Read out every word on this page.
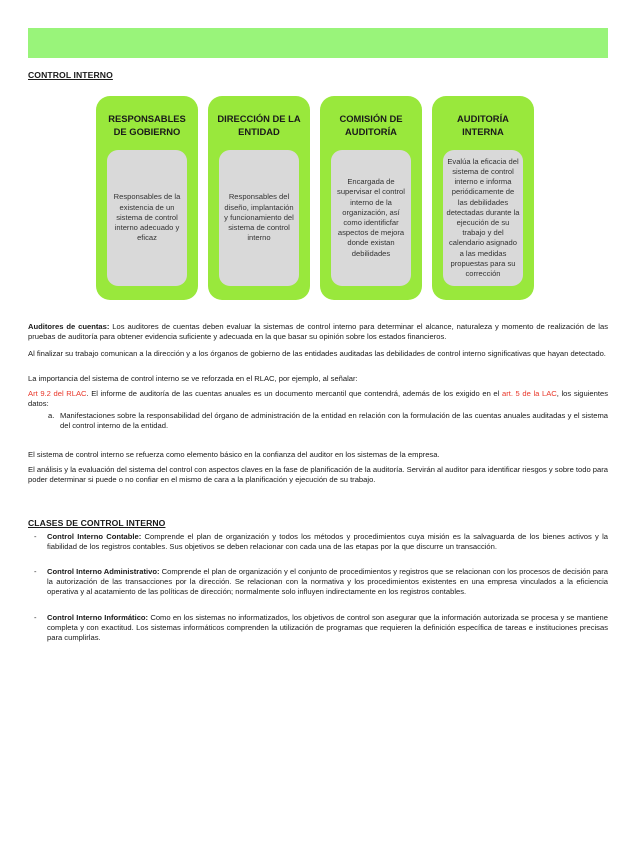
CONTROL INTERNO
RESPONSABLES DE GOBIERNO
Responsables de la existencia de un sistema de control interno adecuado y eficaz
DIRECCIÓN DE LA ENTIDAD
Responsables del diseño, implantación y funcionamiento del sistema de control interno
COMISIÓN DE AUDITORÍA
Encargada de supervisar el control interno de la organización, así como identificfar aspectos de mejora donde existan debilidades
AUDITORÍA INTERNA
Evalúa la eficacia del sistema de control interno e informa periódicamente de las debilidades detectadas durante la ejecución de su trabajo y del calendario asignado a las medidas propuestas para su corrección
Auditores de cuentas: Los auditores de cuentas deben evaluar la sistemas de control interno para determinar el alcance, naturaleza y momento de realización de las pruebas de auditoría para obtener evidencia suficiente y adecuada en la que basar su opinión sobre los estados financieros.
Al finalizar su trabajo comunican a la dirección y a los órganos de gobierno de las entidades auditadas las debilidades de control interno significativas que hayan detectado.
La importancia del sistema de control interno se ve reforzada en el RLAC, por ejemplo, al señalar:
Art 9.2 del RLAC. El informe de auditoría de las cuentas anuales es un documento mercantil que contendrá, además de los exigido en el art. 5 de la LAC, los siguientes datos:
a. Manifestaciones sobre la responsabilidad del órgano de administración de la entidad en relación con la formulación de las cuentas anuales auditadas y el sistema del control interno de la entidad.
El sistema de control interno se refuerza como elemento básico en la confianza del auditor en los sistemas de la empresa.
El análisis y la evaluación del sistema del control con aspectos claves en la fase de planificación de la auditoría. Servirán al auditor para identificar riesgos y sobre todo para poder determinar si puede o no confiar en el mismo de cara a la planificación y ejecución de su trabajo.
CLASES DE CONTROL INTERNO
- Control Interno Contable: Comprende el plan de organización y todos los métodos y procedimientos cuya misión es la salvaguarda de los bienes activos y la fiabilidad de los registros contables. Sus objetivos se deben relacionar con cada una de las etapas por la que discurre un transacción.
- Control Interno Administrativo: Comprende el plan de organización y el conjunto de procedimientos y registros que se relacionan con los procesos de decisión para la autorización de las transacciones por la dirección. Se relacionan con la normativa y los procedimientos existentes en una empresa vinculados a la eficiencia operativa y al acatamiento de las políticas de dirección; normalmente solo influyen indirectamente en los registros contables.
- Control Interno Informático: Como en los sistemas no informatizados, los objetivos de control son asegurar que la información autorizada se procesa y se mantiene completa y con exactitud. Los sistemas informáticos comprenden la utilización de programas que requieren la definición específica de tareas e instituciones precisas para cumplirlas.
